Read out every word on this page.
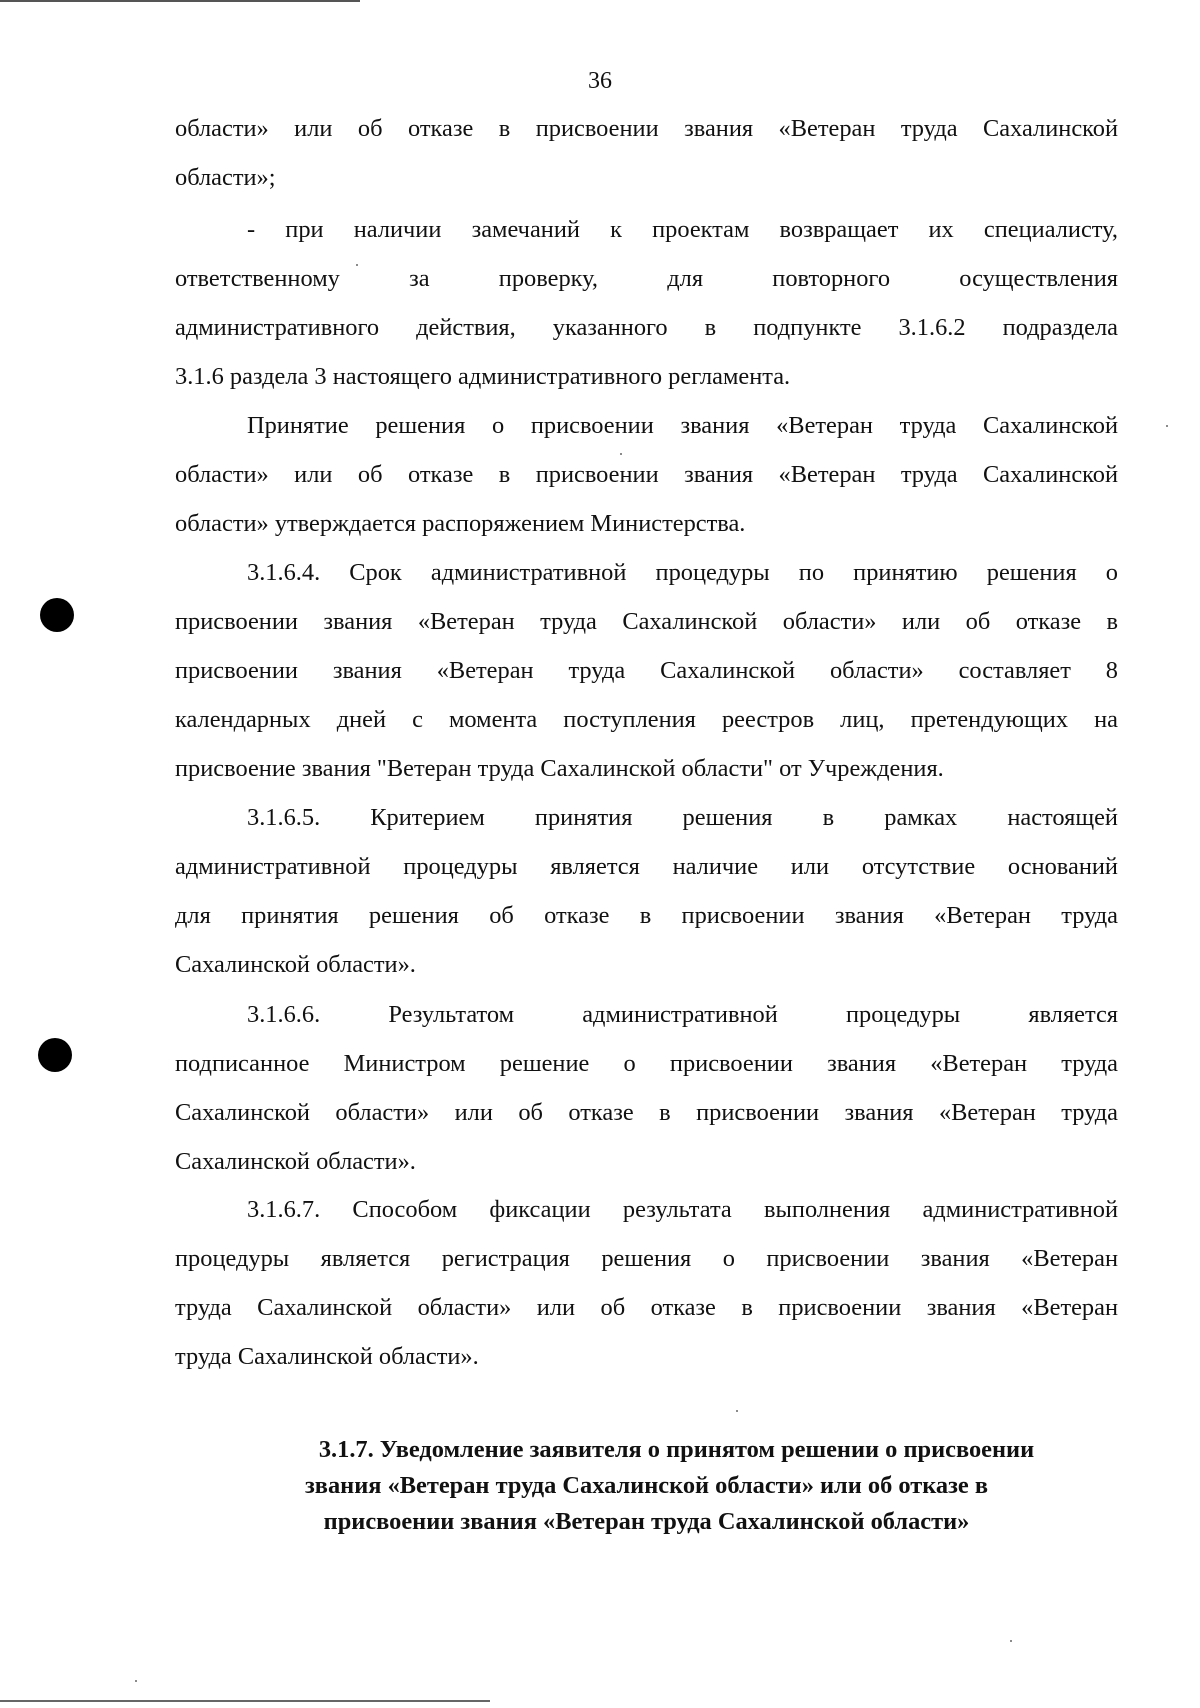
36
области» или об отказе в присвоении звания «Ветеран труда Сахалинской
области»;
- при наличии замечаний к проектам возвращает их специалисту,
ответственному за проверку, для повторного осуществления
административного действия, указанного в подпункте 3.1.6.2 подраздела
3.1.6 раздела 3 настоящего административного регламента.
Принятие решения о присвоении звания «Ветеран труда Сахалинской
области» или об отказе в присвоении звания «Ветеран труда Сахалинской
области» утверждается распоряжением Министерства.
3.1.6.4. Срок административной процедуры по принятию решения о
присвоении звания «Ветеран труда Сахалинской области» или об отказе в
присвоении звания «Ветеран труда Сахалинской области» составляет 8
календарных дней с момента поступления реестров лиц, претендующих на
присвоение звания "Ветеран труда Сахалинской области" от Учреждения.
3.1.6.5. Критерием принятия решения в рамках настоящей
административной процедуры является наличие или отсутствие оснований
для принятия решения об отказе в присвоении звания «Ветеран труда
Сахалинской области».
3.1.6.6. Результатом административной процедуры является
подписанное Министром решение о присвоении звания «Ветеран труда
Сахалинской области» или об отказе в присвоении звания «Ветеран труда
Сахалинской области».
3.1.6.7. Способом фиксации результата выполнения административной
процедуры является регистрация решения о присвоении звания «Ветеран
труда Сахалинской области» или об отказе в присвоении звания «Ветеран
труда Сахалинской области».
3.1.7. Уведомление заявителя о принятом решении о присвоении
звания «Ветеран труда Сахалинской области» или об отказе в
присвоении звания «Ветеран труда Сахалинской области»
